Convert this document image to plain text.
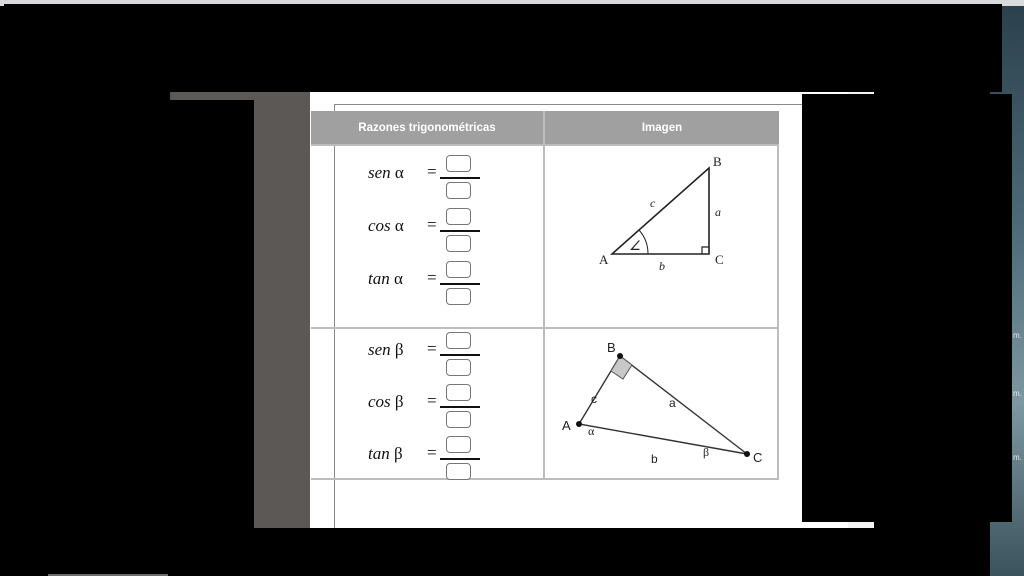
m.
m.
m.
Razones trigonométricas	Imagen
sen α =
cos α =
tan α =
sen β =
cos β =
tan β =
A
B
C
a
b
c
∠
A
B
C
a
b
c
α
β
